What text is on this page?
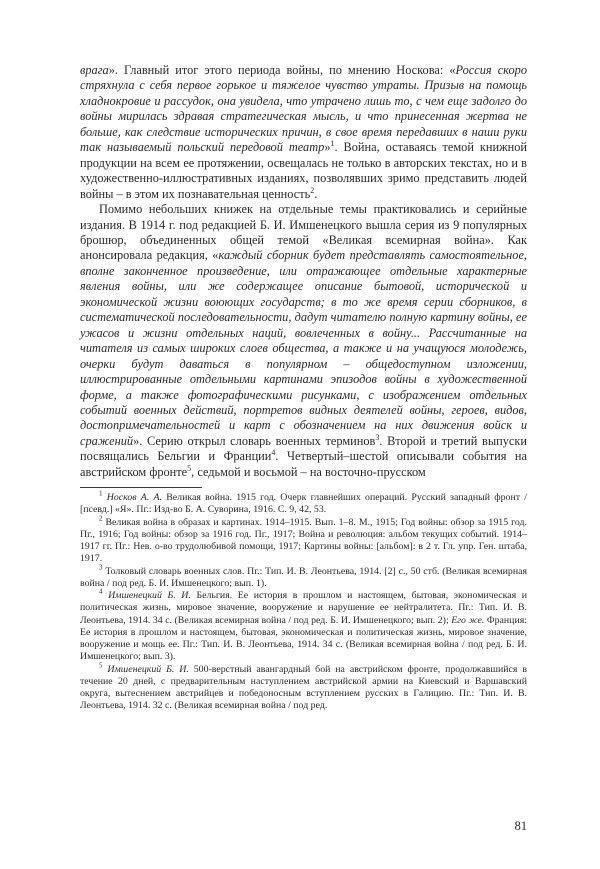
врага». Главный итог этого периода войны, по мнению Носкова: «Россия скоро стряхнула с себя первое горькое и тяжелое чувство утраты. Призыв на помощь хладнокровие и рассудок, она увидела, что утрачено лишь то, с чем еще задолго до войны мирилась здравая стратегическая мысль, и что принесенная жертва не больше, как следствие исторических причин, в свое время передавших в наши руки так называемый польский передовой театр»$^1$. Война, оставаясь темой книжной продукции на всем ее протяжении, освещалась не только в авторских текстах, но и в художественно-иллюстративных изданиях, позволявших зримо представить людей войны – в этом их познавательная ценность$^2$.

Помимо небольших книжек на отдельные темы практиковались и серийные издания. В 1914 г. под редакцией Б. И. Имшенецкого вышла серия из 9 популярных брошюр, объединенных общей темой «Великая всемирная война». Как анонсировала редакция, «каждый сборник будет представлять самостоятельное, вполне законченное произведение, или отражающее отдельные характерные явления войны, или же содержащее описание бытовой, исторической и экономической жизни воюющих государств; в то же время серии сборников, в систематической последовательности, дадут читателю полную картину войны, ее ужасов и жизни отдельных наций, вовлеченных в войну... Рассчитанные на читателя из самых широких слоев общества, а также и на учащуюся молодежь, очерки будут даваться в популярном – общедоступном изложении, иллюстрированные отдельными картинами эпизодов войны в художественной форме, а также фотографическими рисунками, с изображением отдельных событий военных действий, портретов видных деятелей войны, героев, видов, достопримечательностей и карт с обозначением на них движения войск и сражений». Серию открыл словарь военных терминов$^3$. Второй и третий выпуски посвящались Бельгии и Франции$^4$. Четвертый–шестой описывали события на австрийском фронте$^5$, седьмой и восьмой – на восточно-прусском

$^1$ Носков А. А. Великая война. 1915 год. Очерк главнейших операций. Русский западный фронт / [псевд.] «Я». Пг.: Изд-во Б. А. Суворина, 1916. С. 9, 42, 53.

$^2$ Великая война в образах и картинах. 1914–1915. Вып. 1–8. М., 1915; Год войны: обзор за 1915 год. Пг., 1916; Год войны: обзор за 1916 год. Пг., 1917; Война и революция: альбом текущих событий. 1914–1917 гг. Пг.: Нев. о-во трудолюбивой помощи, 1917; Картины войны: [альбом]: в 2 т. Гл. упр. Ген. штаба, 1917.

$^3$ Толковый словарь военных слов. Пг.: Тип. И. В. Леонтьева, 1914. [2] с., 50 стб. (Великая всемирная война / под ред. Б. И. Имшенецкого; вып. 1).

$^4$ Имшенецкий Б. И. Бельгия. Ее история в прошлом и настоящем, бытовая, экономическая и политическая жизнь, мировое значение, вооружение и нарушение ее нейтралитета. Пг.: Тип. И. В. Леонтьева, 1914. 34 с. (Великая всемирная война / под ред. Б. И. Имшенецкого; вып. 2); Его же. Франция: Ее история в прошлом и настоящем, бытовая, экономическая и политическая жизнь, мировое значение, вооружение и мощь ее. Пг.: Тип. И. В. Леонтьева, 1914. 34 с. (Великая всемирная война / под ред. Б. И. Имшенецкого; вып. 3).

$^5$ Имшенецкий Б. И. 500-верстный авангардный бой на австрийском фронте, продолжавшийся в течение 20 дней, с предварительным наступлением австрийской армии на Киевский и Варшавский округа, вытеснением австрийцев и победоносным вступлением русских в Галицию. Пг.: Тип. И. В. Леонтьева, 1914. 32 с. (Великая всемирная война / под ред.

81
